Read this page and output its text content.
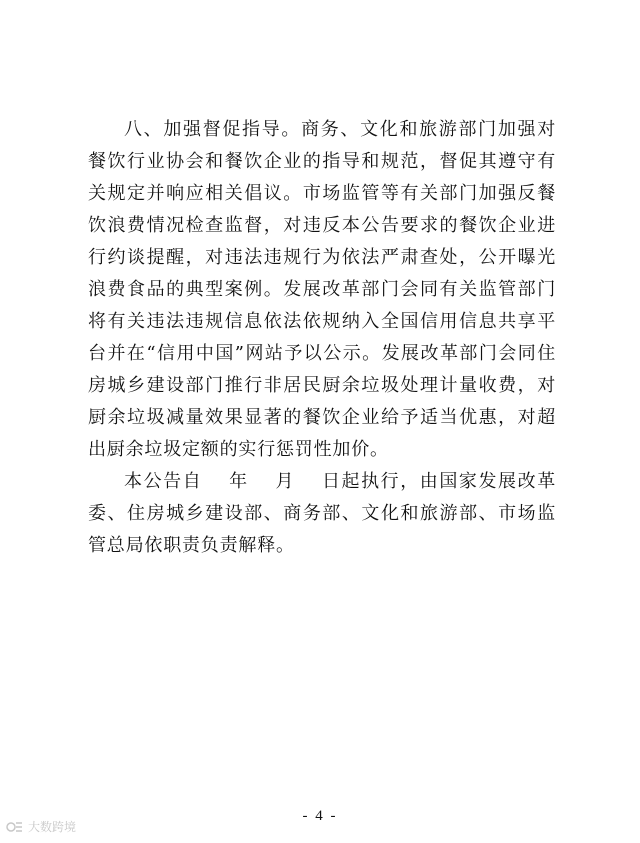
八、加强督促指导。商务、文化和旅游部门加强对餐饮行业协会和餐饮企业的指导和规范，督促其遵守有关规定并响应相关倡议。市场监管等有关部门加强反餐饮浪费情况检查监督，对违反本公告要求的餐饮企业进行约谈提醒，对违法违规行为依法严肃查处，公开曝光浪费食品的典型案例。发展改革部门会同有关监管部门将有关违法违规信息依法依规纳入全国信用信息共享平台并在“信用中国”网站予以公示。发展改革部门会同住房城乡建设部门推行非居民厨余垃圾处理计量收费，对厨余垃圾减量效果显著的餐饮企业给予适当优惠，对超出厨余垃圾定额的实行惩罚性加价。

本公告自　 年　 月　 日起执行，由国家发展改革委、住房城乡建设部、商务部、文化和旅游部、市场监管总局依职责负责解释。

- 4 -
大数跨境
